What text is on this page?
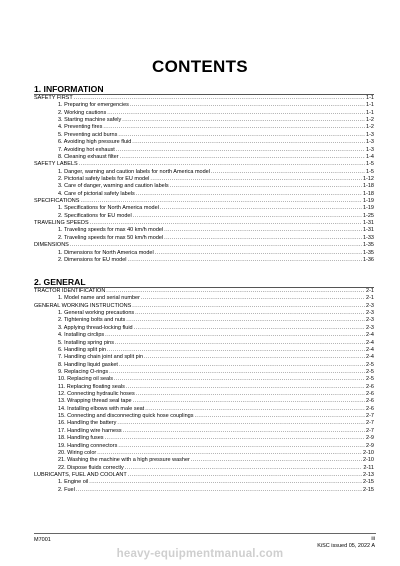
CONTENTS
1. INFORMATION
SAFETY FIRST .....	1-1
1. Preparing for emergencies .....	1-1
2. Working cautions .....	1-1
3. Starting machine safely .....	1-2
4. Preventing fires .....	1-2
5. Preventing acid burns .....	1-3
6. Avoiding high pressure fluid .....	1-3
7. Avoiding hot exhaust .....	1-3
8. Cleaning exhaust filter .....	1-4
SAFETY LABELS .....	1-5
1. Danger, warning and caution labels for north America model .....	1-5
2. Pictorial safety labels for EU model .....	1-12
3. Care of danger, warning and caution labels .....	1-18
4. Care of pictorial safety labels .....	1-18
SPECIFICATIONS .....	1-19
1. Specifications for North America model .....	1-19
2. Specifications for EU model .....	1-25
TRAVELING SPEEDS .....	1-31
1. Traveling speeds for max 40 km/h model .....	1-31
2. Traveling speeds for max 50 km/h model .....	1-33
DIMENSIONS .....	1-35
1. Dimensions for North America model .....	1-35
2. Dimensions for EU model .....	1-36
2. GENERAL
TRACTOR IDENTIFICATION .....	2-1
1. Model name and serial number .....	2-1
GENERAL WORKING INSTRUCTIONS .....	2-3
1. General working precautions .....	2-3
2. Tightening bolts and nuts .....	2-3
3. Applying thread-locking fluid .....	2-3
4. Installing circlips .....	2-4
5. Installing spring pins .....	2-4
6. Handling split pin .....	2-4
7. Handling chain joint and split pin .....	2-4
8. Handling liquid gasket .....	2-5
9. Replacing O-rings .....	2-5
10. Replacing oil seals .....	2-5
11. Replacing floating seals .....	2-6
12. Connecting hydraulic hoses .....	2-6
13. Wrapping thread seal tape .....	2-6
14. Installing elbows with male seat .....	2-6
15. Connecting and disconnecting quick hose couplings .....	2-7
16. Handling the battery .....	2-7
17. Handling wire harness .....	2-7
18. Handling fuses .....	2-9
19. Handling connectors .....	2-9
20. Wiring color .....	2-10
21. Washing the machine with a high pressure washer .....	2-10
22. Dispose fluids correctly .....	2-11
LUBRICANTS, FUEL AND COOLANT .....	2-13
1. Engine oil .....	2-15
2. Fuel .....	2-15
M7001	iii
KiSC issued 05, 2022 A
heavy-equipmentmanual.com
